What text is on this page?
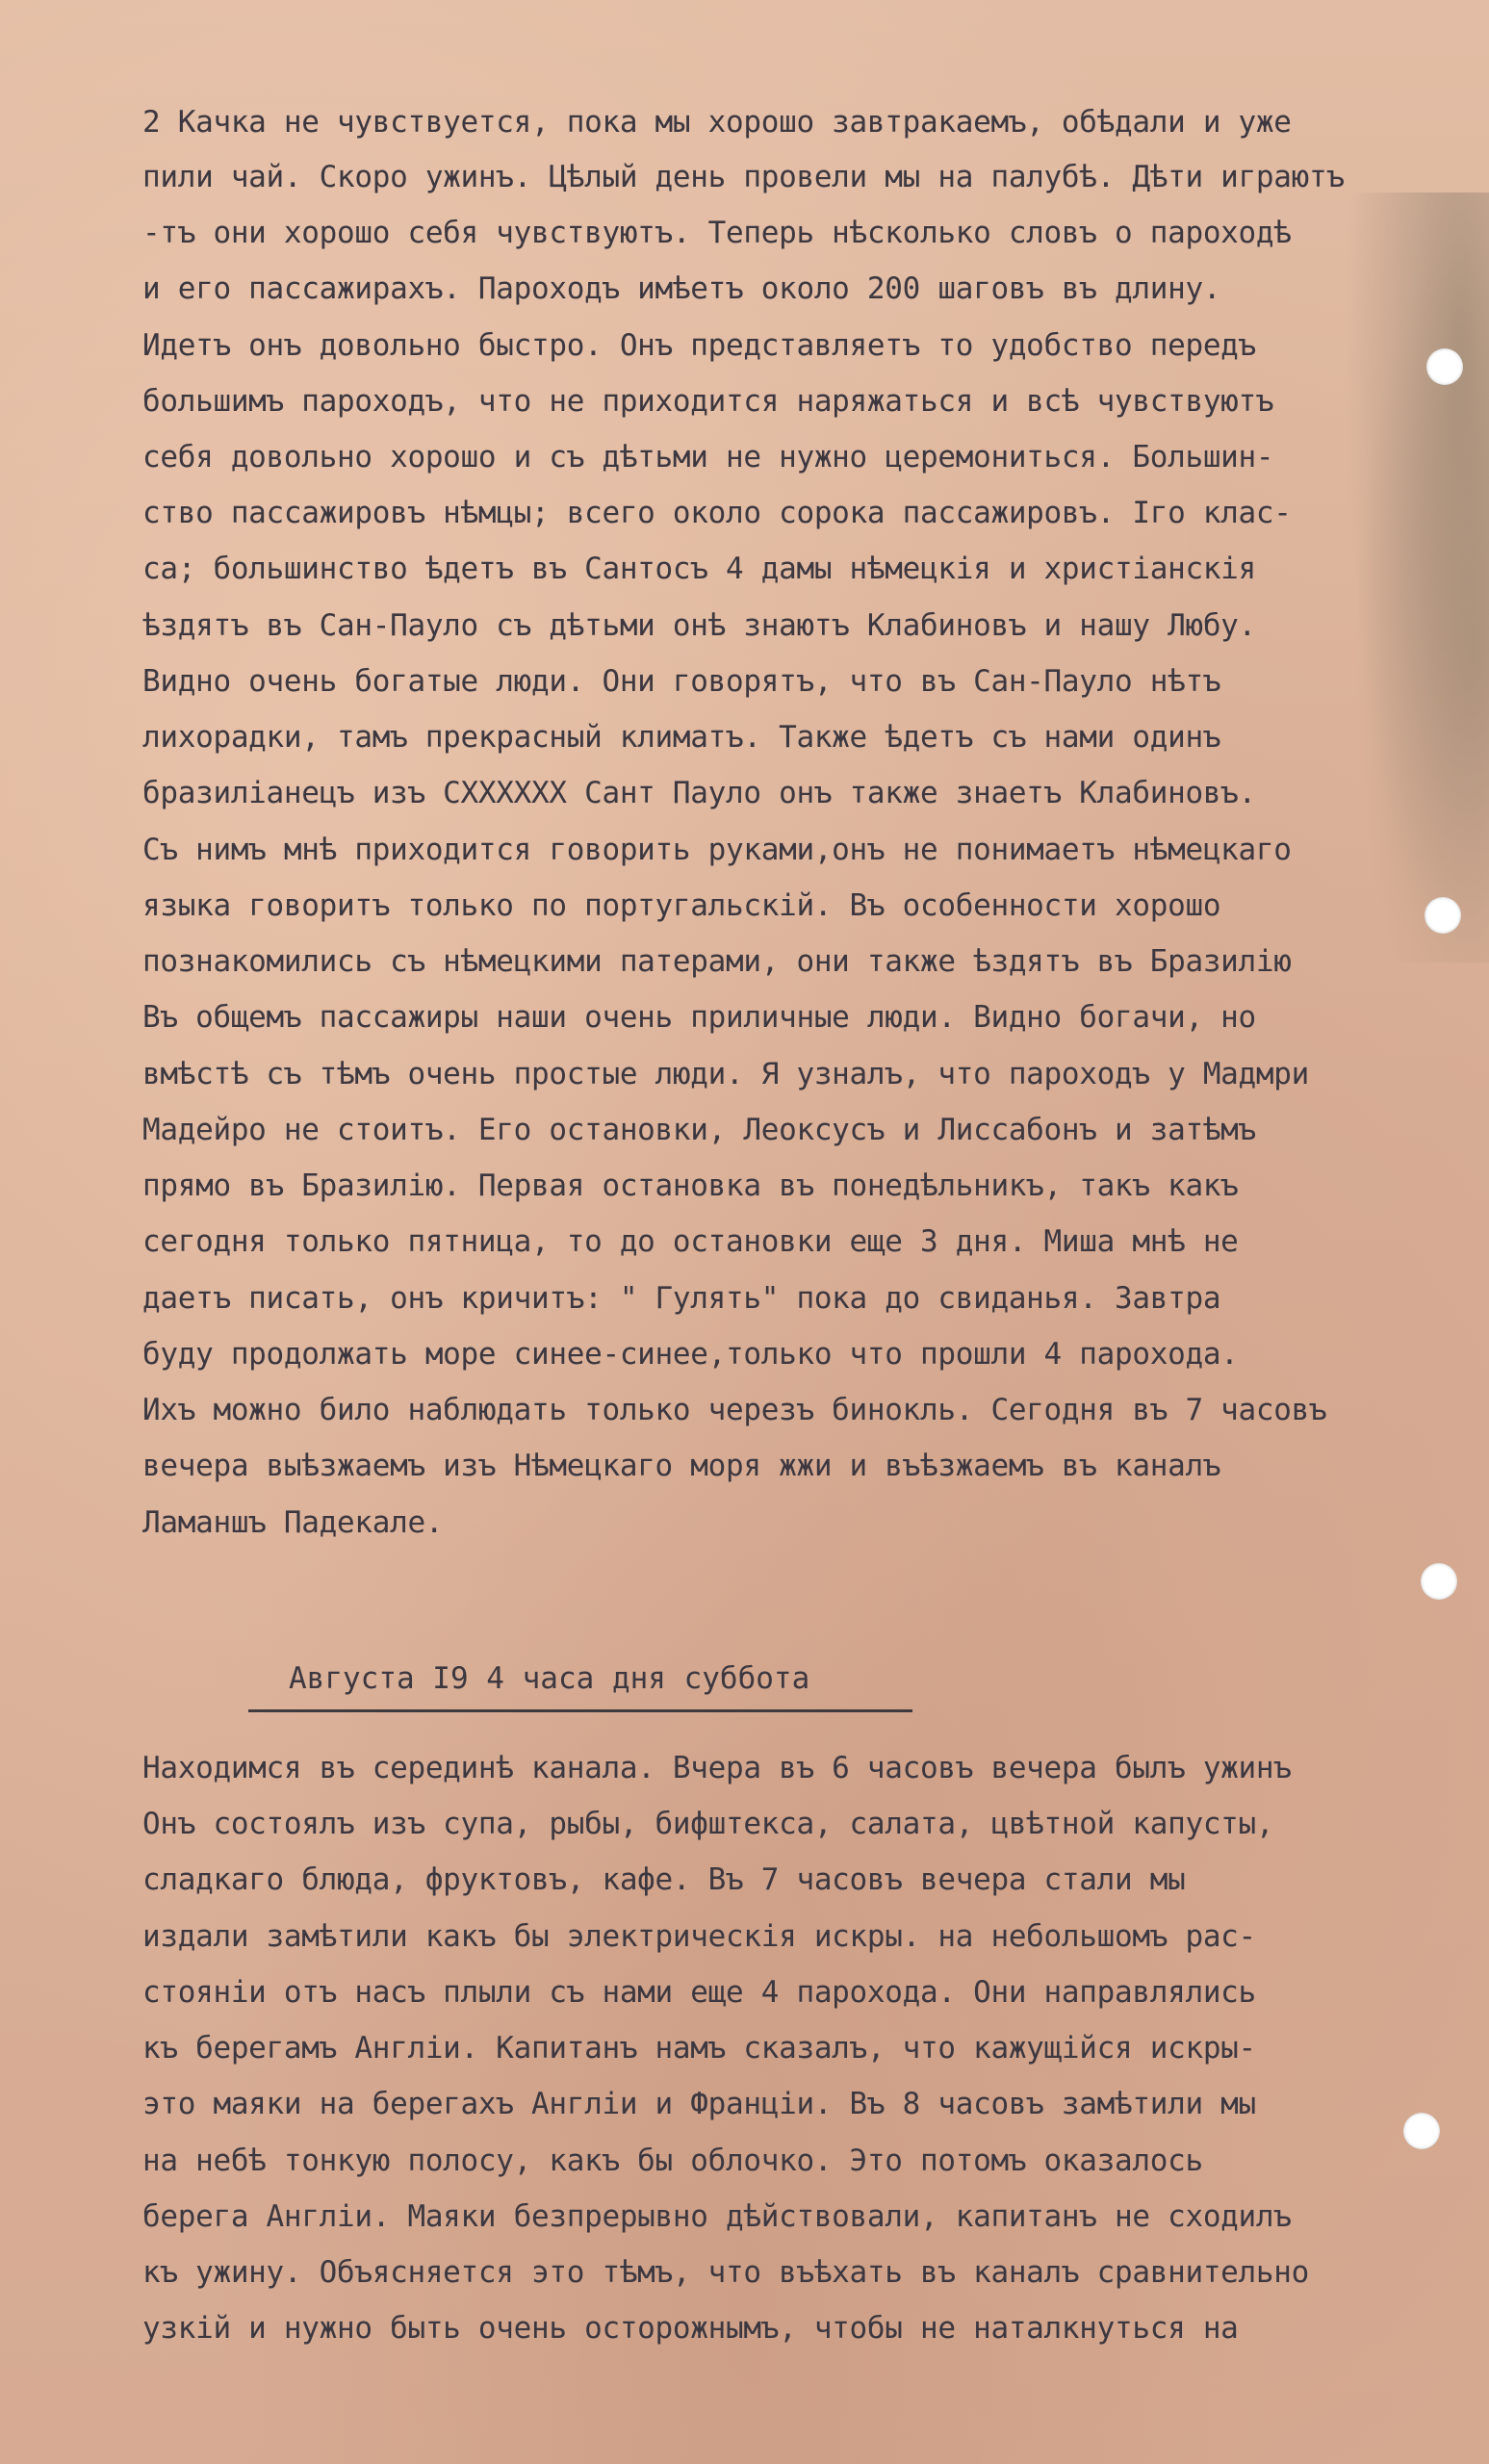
2 Качка не чувствуется, пока мы хорошо завтракаемъ, обѣдали и уже

пили чай. Скоро ужинъ. Цѣлый день провели мы на палубѣ. Дѣти играютъ

-тъ они хорошо себя чувствуютъ. Теперь нѣсколько словъ о пароходѣ

и его пассажирахъ. Пароходъ имѣетъ около 200 шаговъ въ длину.

Идетъ онъ довольно быстро. Онъ представляетъ то удобство передъ

большимъ пароходъ, что не приходится наряжаться и всѣ чувствуютъ

себя довольно хорошо и съ дѣтьми не нужно церемониться. Большин-

ство пассажировъ нѣмцы; всего около сорока пассажировъ. Iго клас-

са; большинство ѣдетъ въ Сантосъ 4 дамы нѣмецкія и христіанскія

ѣздятъ въ Сан-Пауло съ дѣтьми онѣ знаютъ Клабиновъ и нашу Любу.

Видно очень богатые люди. Они говорятъ, что въ Сан-Пауло нѣтъ

лихорадки, тамъ прекрасный климатъ. Также ѣдетъ съ нами одинъ

бразиліанецъ изъ СХХХХХХ Сант Пауло онъ также знаетъ Клабиновъ.

Съ нимъ мнѣ приходится говорить руками,онъ не понимаетъ нѣмецкаго

языка говоритъ только по португальскій. Въ особенности хорошо

познакомились съ нѣмецкими патерами, они также ѣздятъ въ Бразилію

Въ общемъ пассажиры наши очень приличные люди. Видно богачи, но

вмѣстѣ съ тѣмъ очень простые люди. Я узналъ, что пароходъ у Мадмри

Мадейро не стоитъ. Его остановки, Леоксусъ и Лиссабонъ и затѣмъ

прямо въ Бразилію. Первая остановка въ понедѣльникъ, такъ какъ

сегодня только пятница, то до остановки еще 3 дня. Миша мнѣ не

даетъ писать, онъ кричитъ: " Гулять" пока до свиданья. Завтра

буду продолжать море синее-синее,только что прошли 4 парохода.

Ихъ можно било наблюдать только черезъ бинокль. Сегодня въ 7 часовъ

вечера выѣзжаемъ изъ Нѣмецкаго моря жжи и въѣзжаемъ въ каналъ

Ламаншъ Падекале.

Августа I9 4 часа дня суббота

Находимся въ серединѣ канала. Вчера въ 6 часовъ вечера былъ ужинъ

Онъ состоялъ изъ супа, рыбы, бифштекса, салата, цвѣтной капусты,

сладкаго блюда, фруктовъ, кафе. Въ 7 часовъ вечера стали мы

издали замѣтили какъ бы электрическія искры. на небольшомъ рас-

стояніи отъ насъ плыли съ нами еще 4 парохода. Они направлялись

къ берегамъ Англіи. Капитанъ намъ сказалъ, что кажущійся искры-

это маяки на берегахъ Англіи и Франціи. Въ 8 часовъ замѣтили мы

на небѣ тонкую полосу, какъ бы облочко. Это потомъ оказалось

берега Англіи. Маяки безпрерывно дѣйствовали, капитанъ не сходилъ

къ ужину. Объясняется это тѣмъ, что въѣхать въ каналъ сравнительно

узкій и нужно быть очень осторожнымъ, чтобы не наталкнуться на
